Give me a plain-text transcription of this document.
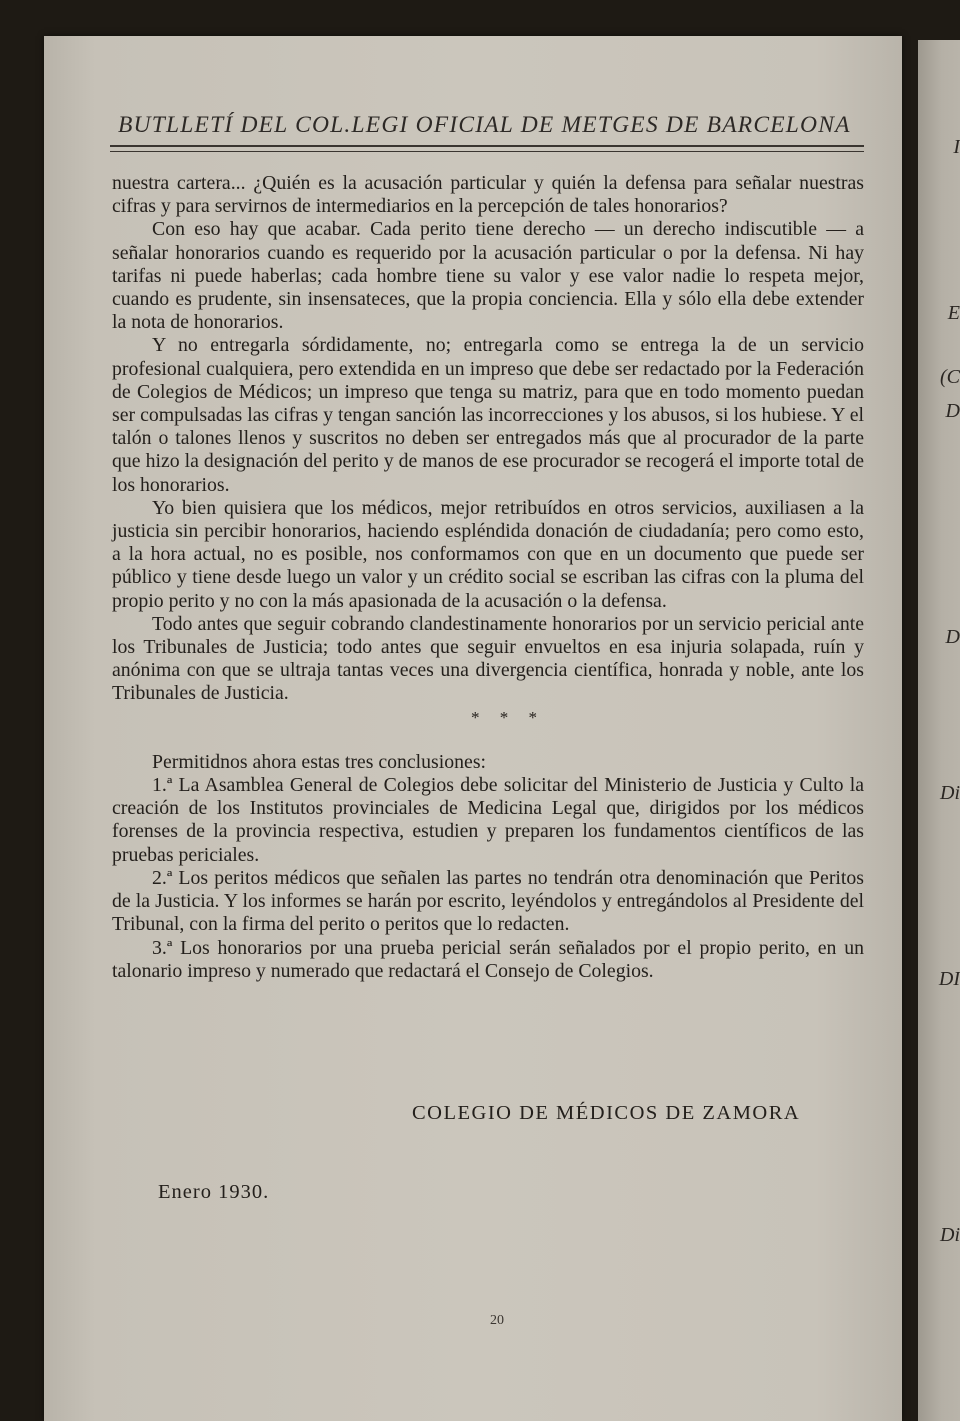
I
E
(C
D
D
Di
DI
Di
BUTLLETÍ DEL COL.LEGI OFICIAL DE METGES DE BARCELONA

nuestra cartera... ¿Quién es la acusación particular y quién la defensa para señalar nuestras cifras y para servirnos de intermediarios en la percepción de tales honorarios?

Con eso hay que acabar. Cada perito tiene derecho — un derecho indiscutible — a señalar honorarios cuando es requerido por la acusación particular o por la defensa. Ni hay tarifas ni puede haberlas; cada hombre tiene su valor y ese valor nadie lo respeta mejor, cuando es prudente, sin insensateces, que la propia conciencia. Ella y sólo ella debe extender la nota de honorarios.

Y no entregarla sórdidamente, no; entregarla como se entrega la de un servicio profesional cualquiera, pero extendida en un impreso que debe ser redactado por la Federación de Colegios de Médicos; un impreso que tenga su matriz, para que en todo momento puedan ser compulsadas las cifras y tengan sanción las incorrecciones y los abusos, si los hubiese. Y el talón o talones llenos y suscritos no deben ser entregados más que al procurador de la parte que hizo la designación del perito y de manos de ese procurador se recogerá el importe total de los honorarios.

Yo bien quisiera que los médicos, mejor retribuídos en otros servicios, auxiliasen a la justicia sin percibir honorarios, haciendo espléndida donación de ciudadanía; pero como esto, a la hora actual, no es posible, nos conformamos con que en un documento que puede ser público y tiene desde luego un valor y un crédito social se escriban las cifras con la pluma del propio perito y no con la más apasionada de la acusación o la defensa.

Todo antes que seguir cobrando clandestinamente honorarios por un servicio pericial ante los Tribunales de Justicia; todo antes que seguir envueltos en esa injuria solapada, ruín y anónima con que se ultraja tantas veces una divergencia científica, honrada y noble, ante los Tribunales de Justicia.

* * *

Permitidnos ahora estas tres conclusiones:

1.ª La Asamblea General de Colegios debe solicitar del Ministerio de Justicia y Culto la creación de los Institutos provinciales de Medicina Legal que, dirigidos por los médicos forenses de la provincia respectiva, estudien y preparen los fundamentos científicos de las pruebas periciales.

2.ª Los peritos médicos que señalen las partes no tendrán otra denominación que Peritos de la Justicia. Y los informes se harán por escrito, leyéndolos y entregándolos al Presidente del Tribunal, con la firma del perito o peritos que lo redacten.

3.ª Los honorarios por una prueba pericial serán señalados por el propio perito, en un talonario impreso y numerado que redactará el Consejo de Colegios.

COLEGIO DE MÉDICOS DE ZAMORA
Enero 1930.
20
